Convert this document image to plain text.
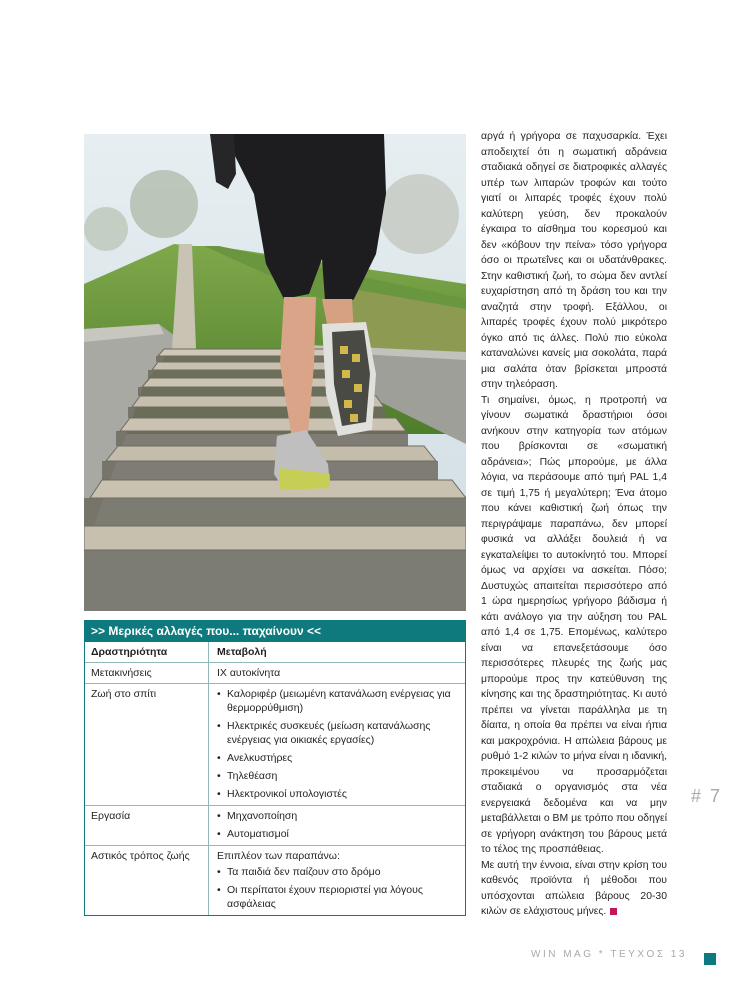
>> Μερικές αλλαγές που... παχαίνουν <<
Δραστηριότητα	Μεταβολή
Μετακινήσεις	ΙΧ αυτοκίνητα
Ζωή στο σπίτι	• Καλοριφέρ (μειωμένη κατανάλωση ενέργειας για θερμορρύθμιση)
• Ηλεκτρικές συσκευές (μείωση κατανάλωσης ενέργειας για οικιακές εργασίες)
• Ανελκυστήρες
• Τηλεθέαση
• Ηλεκτρονικοί υπολογιστές
Εργασία	• Μηχανοποίηση
• Αυτοματισμοί
Αστικός τρόπος ζωής	Επιπλέον των παραπάνω:
• Τα παιδιά δεν παίζουν στο δρόμο
• Οι περίπατοι έχουν περιοριστεί για λόγους ασφάλειας

αργά ή γρήγορα σε παχυσαρκία. Έχει αποδειχτεί ότι η σωματική αδράνεια σταδιακά οδηγεί σε διατροφικές αλλαγές υπέρ των λιπαρών τροφών και τούτο γιατί οι λιπαρές τροφές έχουν πολύ καλύτερη γεύση, δεν προκαλούν έγκαιρα το αίσθημα του κορεσμού και δεν «κόβουν την πείνα» τόσο γρήγορα όσο οι πρωτεΐνες και οι υδατάνθρακες. Στην καθιστική ζωή, το σώμα δεν αντλεί ευχαρίστηση από τη δράση του και την αναζητά στην τροφή. Εξάλλου, οι λιπαρές τροφές έχουν πολύ μικρότερο όγκο από τις άλλες. Πολύ πιο εύκολα καταναλώνει κανείς μια σοκολάτα, παρά μια σαλάτα όταν βρίσκεται μπροστά στην τηλεόραση.

Τι σημαίνει, όμως, η προτροπή να γίνουν σωματικά δραστήριοι όσοι ανήκουν στην κατηγορία των ατόμων που βρίσκονται σε «σωματική αδράνεια»; Πώς μπορούμε, με άλλα λόγια, να περάσουμε από τιμή PAL 1,4 σε τιμή 1,75 ή μεγαλύτερη; Ένα άτομο που κάνει καθιστική ζωή όπως την περιγράψαμε παραπάνω, δεν μπορεί φυσικά να αλλάξει δουλειά ή να εγκαταλείψει το αυτοκίνητό του. Μπορεί όμως να αρχίσει να ασκείται. Πόσο; Δυστυχώς απαιτείται περισσότερο από 1 ώρα ημερησίως γρήγορο βάδισμα ή κάτι ανάλογο για την αύξηση του PAL από 1,4 σε 1,75. Επομένως, καλύτερο είναι να επανεξετάσουμε όσο περισσότερες πλευρές της ζωής μας μπορούμε προς την κατεύθυνση της κίνησης και της δραστηριότητας. Κι αυτό πρέπει να γίνεται παράλληλα με τη δίαιτα, η οποία θα πρέπει να είναι ήπια και μακροχρόνια. Η απώλεια βάρους με ρυθμό 1-2 κιλών το μήνα είναι η ιδανική, προκειμένου να προσαρμόζεται σταδιακά ο οργανισμός στα νέα ενεργειακά δεδομένα και να μην μεταβάλλεται ο ΒΜ με τρόπο που οδηγεί σε γρήγορη ανάκτηση του βάρους μετά το τέλος της προσπάθειας.

Με αυτή την έννοια, είναι στην κρίση του καθενός προϊόντα ή μέθοδοι που υπόσχονται απώλεια βάρους 20-30 κιλών σε ελάχιστους μήνες.

# 7
WIN MAG * ΤΕΥΧΟΣ 13
